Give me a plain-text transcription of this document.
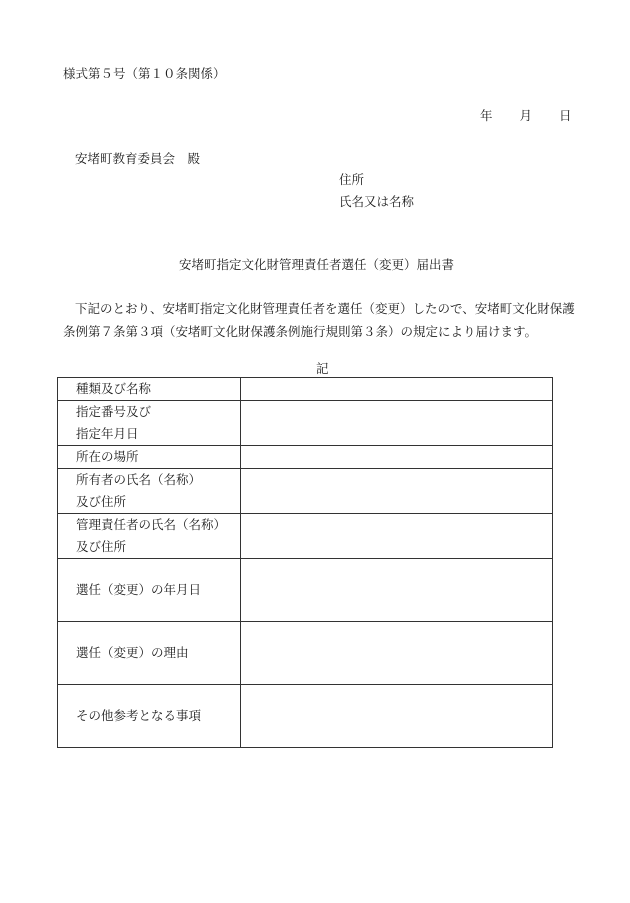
様式第５号（第１０条関係）
年 月 日
安堵町教育委員会　殿
住所
氏名又は名称
安堵町指定文化財管理責任者選任（変更）届出書
下記のとおり、安堵町指定文化財管理責任者を選任（変更）したので、安堵町文化財保護
条例第７条第３項（安堵町文化財保護条例施行規則第３条）の規定により届けます。
記
種類及び名称	

指定番号及び
指定年月日	

所在の場所	

所有者の氏名（名称）
及び住所	

管理責任者の氏名（名称）
及び住所	

選任（変更）の年月日	

選任（変更）の理由	

その他参考となる事項	
